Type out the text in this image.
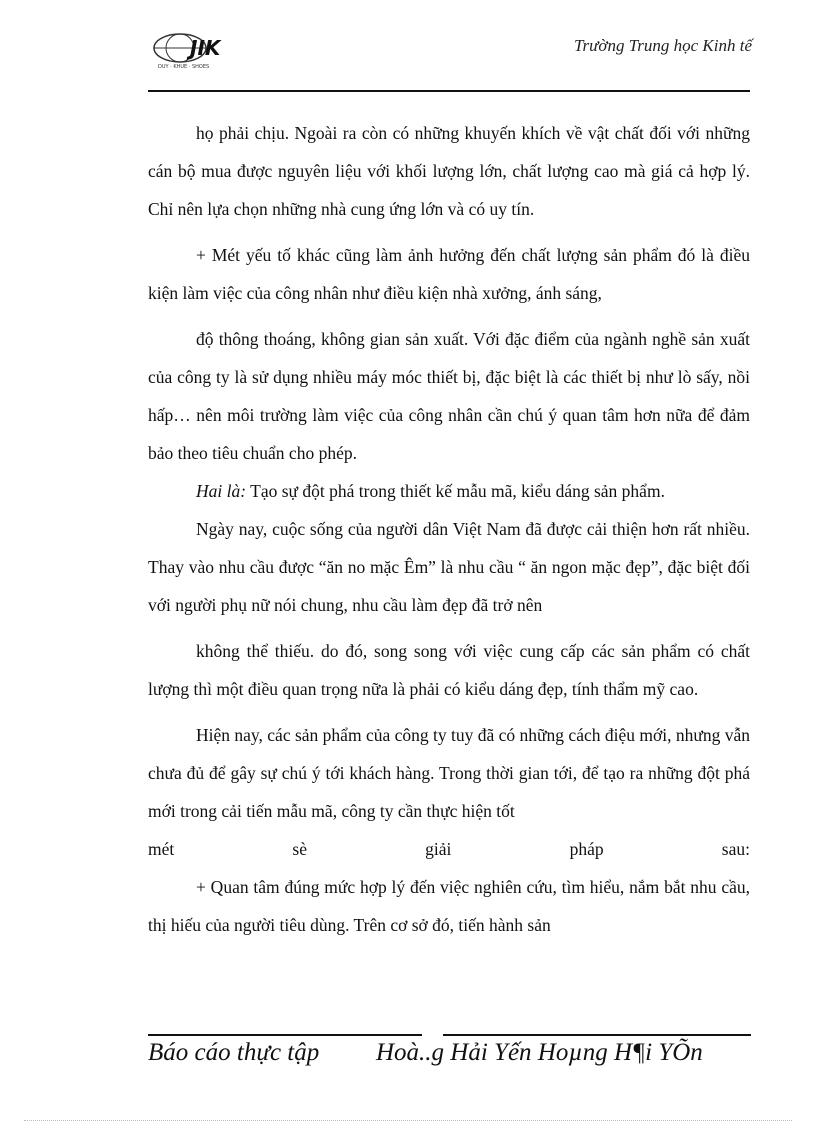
JIK
DUY · KHUE · SHOES
Trường Trung học Kinh tế

họ phải chịu. Ngoài ra còn có những khuyến khích về vật chất đối với những cán bộ mua được nguyên liệu với khối lượng lớn, chất lượng cao mà giá cả hợp lý. Chỉ nên lựa chọn những nhà cung ứng lớn và có uy tín.

+ Mét yếu tố khác cũng làm ảnh hưởng đến chất lượng sản phẩm đó là điều kiện làm việc của công nhân như điều kiện nhà xưởng, ánh sáng,

độ thông thoáng, không gian sản xuất. Với đặc điểm của ngành nghề sản xuất của công ty là sử dụng nhiều máy móc thiết bị, đặc biệt là các thiết bị như lò sấy, nồi hấp… nên môi trường làm việc của công nhân cần chú ý quan tâm hơn nữa để đảm bảo theo tiêu chuẩn cho phép.

Hai là: Tạo sự đột phá trong thiết kế mẫu mã, kiểu dáng sản phẩm.

Ngày nay, cuộc sống của người dân Việt Nam đã được cải thiện hơn rất nhiều. Thay vào nhu cầu được “ăn no mặc Êm” là nhu cầu “ ăn ngon mặc đẹp”, đặc biệt đối với người phụ nữ nói chung, nhu cầu làm đẹp đã trở nên

không thể thiếu. do đó, song song với việc cung cấp các sản phẩm có chất lượng thì một điều quan trọng nữa là phải có kiểu dáng đẹp, tính thẩm mỹ cao.

Hiện nay, các sản phẩm của công ty tuy đã có những cách điệu mới, nhưng vẫn chưa đủ để gây sự chú ý tới khách hàng. Trong thời gian tới, để tạo ra những đột phá mới trong cải tiến mẫu mã, công ty cần thực hiện tốt

mét sè giải pháp sau:

+ Quan tâm đúng mức hợp lý đến việc nghiên cứu, tìm hiểu, nắm bắt nhu cầu, thị hiếu của người tiêu dùng. Trên cơ sở đó, tiến hành sản

Báo cáo thực tập Hoà..g Hải Yến Hoµng H¶i YÕn
